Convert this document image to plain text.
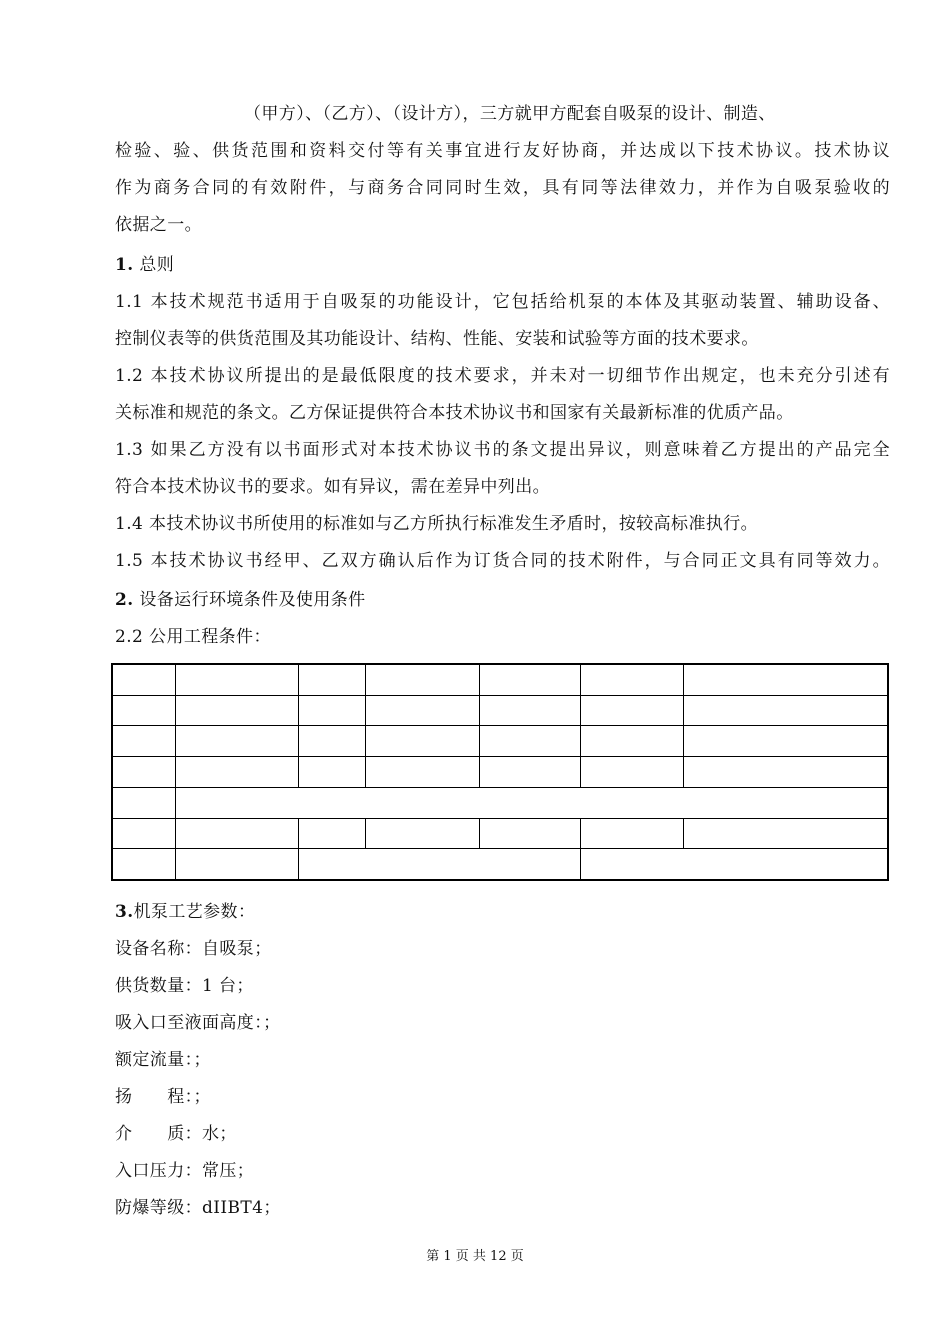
（甲方）、（乙方）、（设计方），三方就甲方配套自吸泵的设计、制造、
检验、验、供货范围和资料交付等有关事宜进行友好协商，并达成以下技术协议。技术协议
作为商务合同的有效附件，与商务合同同时生效，具有同等法律效力，并作为自吸泵验收的
依据之一。
1. 总则
1.1 本技术规范书适用于自吸泵的功能设计，它包括给机泵的本体及其驱动装置、辅助设备、
控制仪表等的供货范围及其功能设计、结构、性能、安装和试验等方面的技术要求。
1.2 本技术协议所提出的是最低限度的技术要求，并未对一切细节作出规定，也未充分引述有
关标准和规范的条文。乙方保证提供符合本技术协议书和国家有关最新标准的优质产品。
1.3 如果乙方没有以书面形式对本技术协议书的条文提出异议，则意味着乙方提出的产品完全
符合本技术协议书的要求。如有异议，需在差异中列出。
1.4 本技术协议书所使用的标准如与乙方所执行标准发生矛盾时，按较高标准执行。
1.5 本技术协议书经甲、乙双方确认后作为订货合同的技术附件，与合同正文具有同等效力。
2. 设备运行环境条件及使用条件
2.2 公用工程条件：

3.机泵工艺参数：
设备名称：自吸泵；
供货数量：1 台；
吸入口至液面高度：；
额定流量：；
扬　　程：；
介　　质：水；
入口压力：常压；
防爆等级：dIIBT4；
第 1 页 共 12 页
